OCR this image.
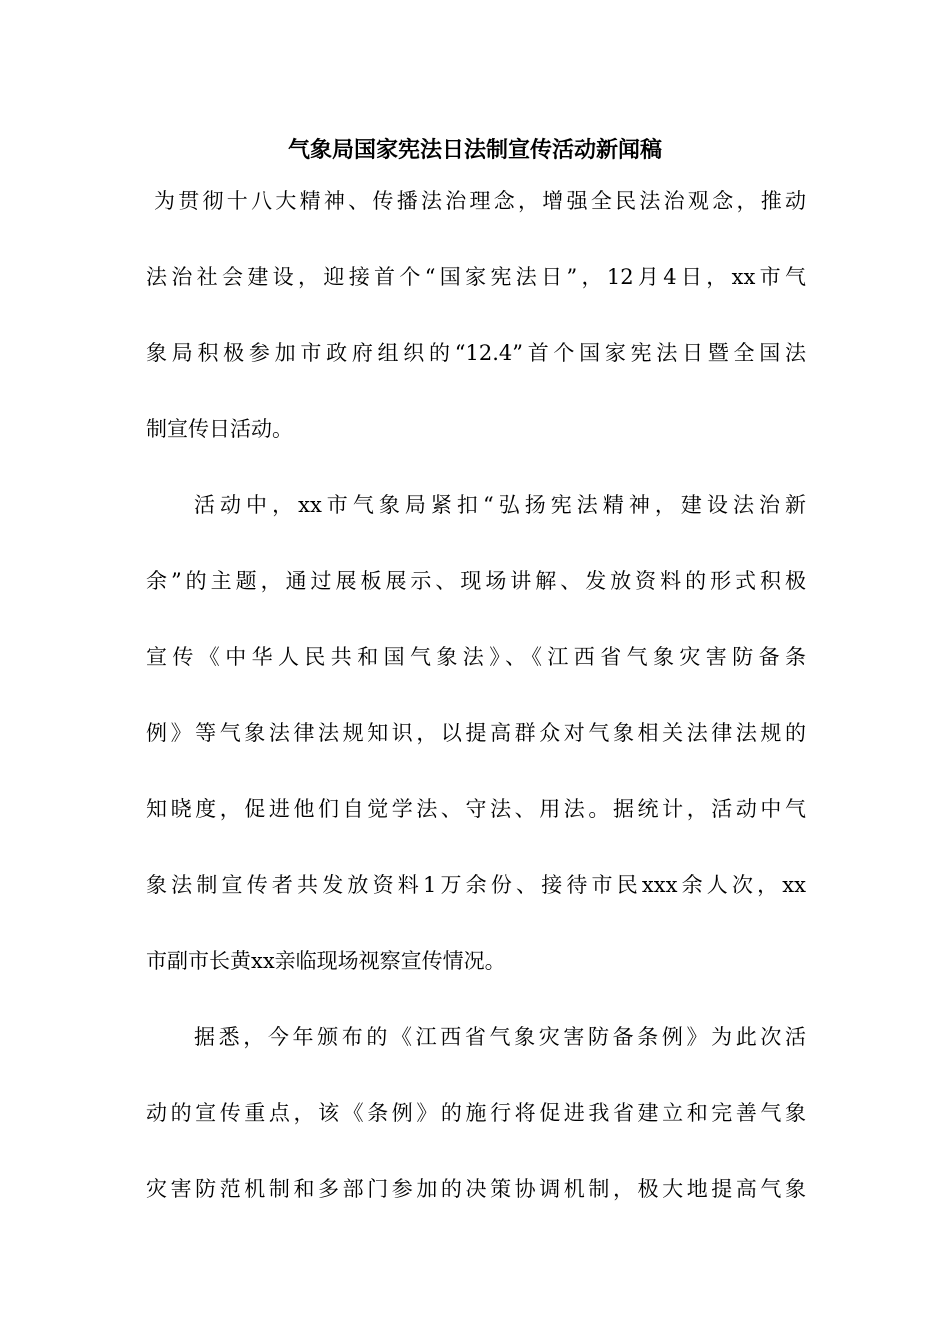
气象局国家宪法日法制宣传活动新闻稿

为贯彻十八大精神、传播法治理念，增强全民法治观念，推动

法治社会建设，迎接首个“国家宪法日”，12月4日，xx市气

象局积极参加市政府组织的“12.4”首个国家宪法日暨全国法

制宣传日活动。

活动中，xx市气象局紧扣“弘扬宪法精神，建设法治新

余”的主题，通过展板展示、现场讲解、发放资料的形式积极

宣传《中华人民共和国气象法》、《江西省气象灾害防备条

例》等气象法律法规知识，以提高群众对气象相关法律法规的

知晓度，促进他们自觉学法、守法、用法。据统计，活动中气

象法制宣传者共发放资料1万余份、接待市民xxx余人次，xx

市副市长黄xx亲临现场视察宣传情况。

据悉，今年颁布的《江西省气象灾害防备条例》为此次活

动的宣传重点，该《条例》的施行将促进我省建立和完善气象

灾害防范机制和多部门参加的决策协调机制，极大地提高气象
